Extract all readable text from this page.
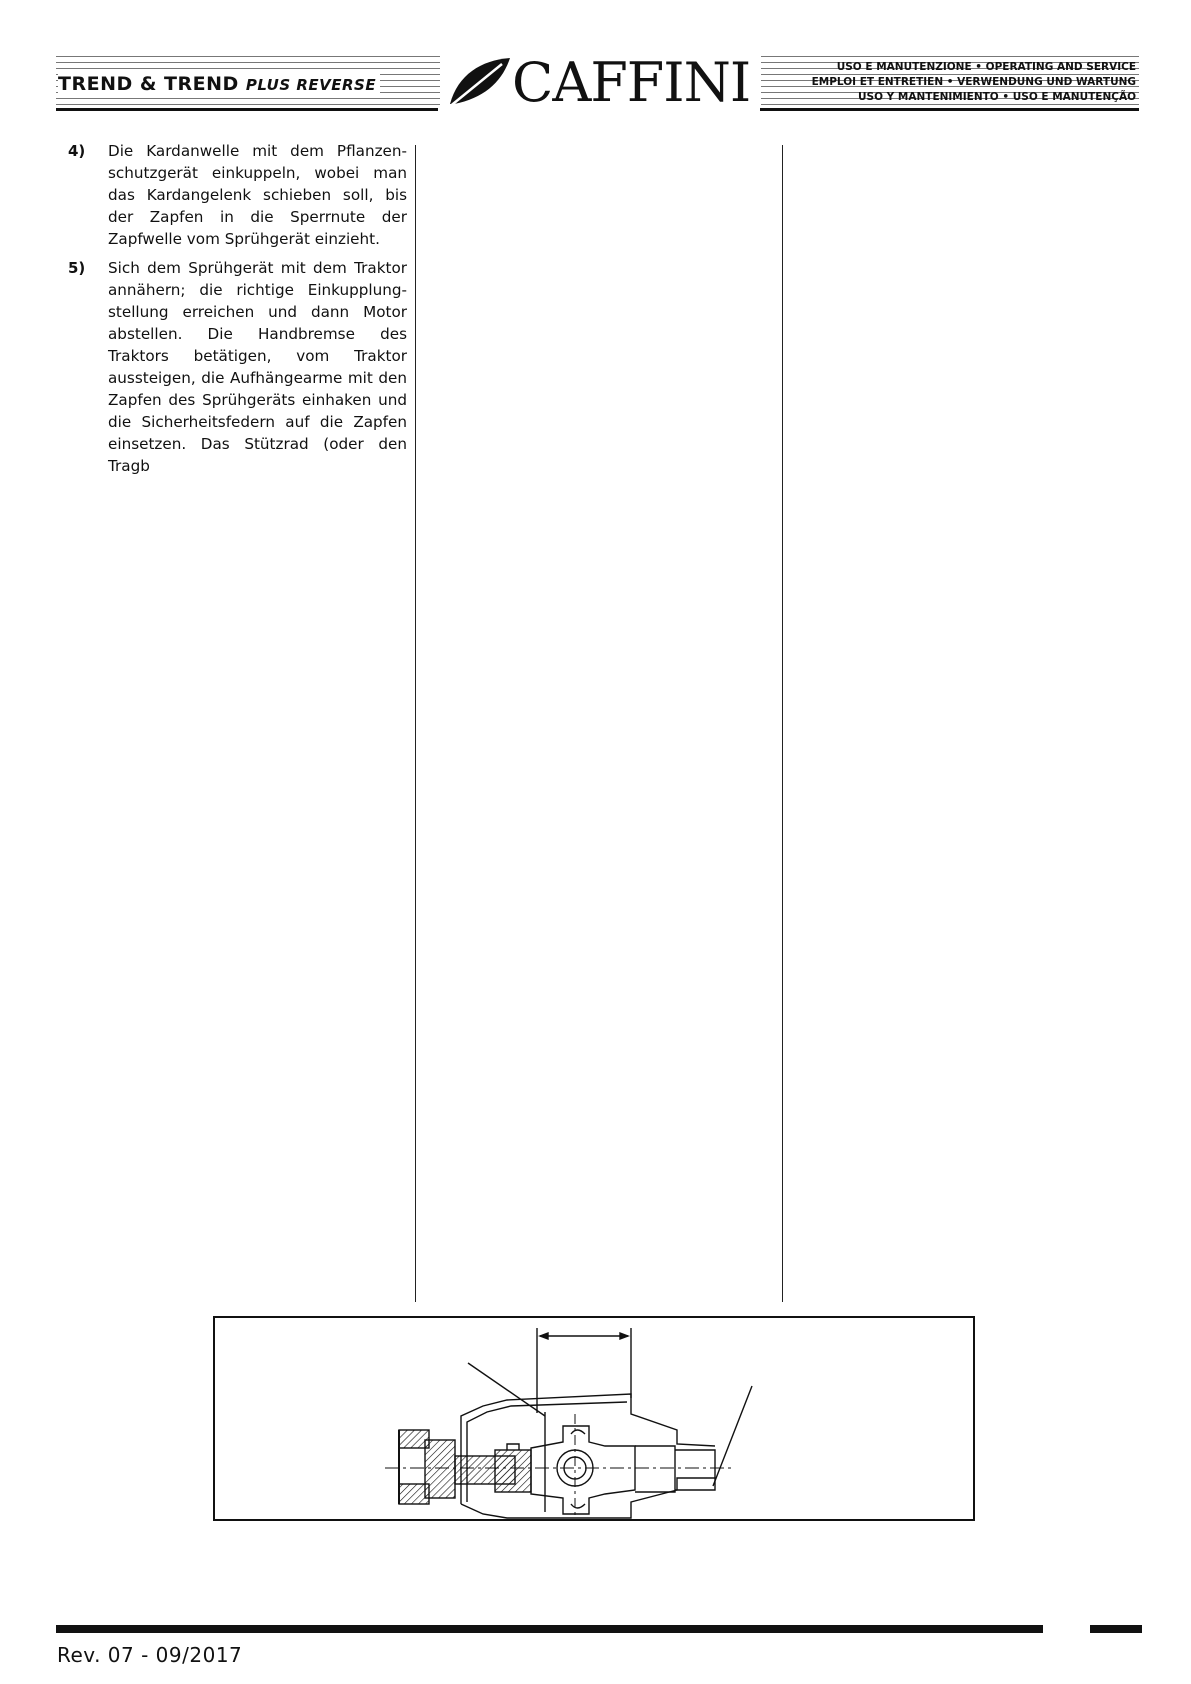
TREND & TREND PLUS REVERSE	CAFFINI	USO E MANUTENZIONE • OPERATING AND SERVICE
EMPLOI ET ENTRETIEN • VERWENDUNG UND WARTUNG
USO Y MANTENIMIENTO • USO E MANUTENÇÃO
4)	Die Kardanwelle mit dem Pflanzen-schutzgerät einkuppeln, wobei man das Kardangelenk schieben soll, bis der Zapfen in die Sperrnute der Zapfwelle vom Sprühgerät einzieht.

5)	Sich dem Sprühgerät mit dem Traktor annähern; die richtige Einkupplung-stellung erreichen und dann Motor abstellen. Die Handbremse des Traktors betätigen, vom Traktor aussteigen, die Aufhängearme mit den Zapfen des Sprühgeräts einhaken und die Sicherheitsfedern auf die Zapfen einsetzen. Das Stützrad (oder den Tragb

Rev. 07 - 09/2017
